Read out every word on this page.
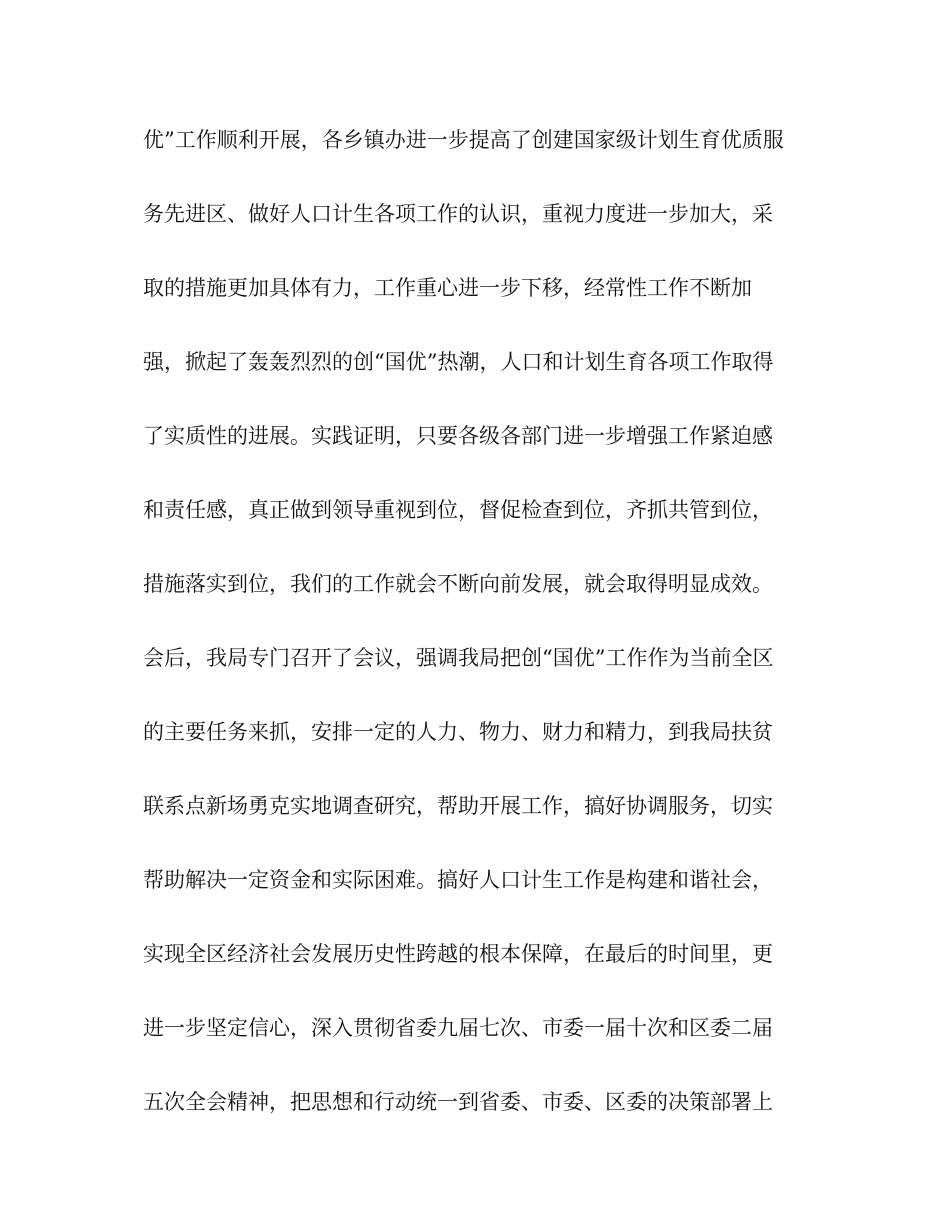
优”工作顺利开展，各乡镇办进一步提高了创建国家级计划生育优质服

务先进区、做好人口计生各项工作的认识，重视力度进一步加大，采

取的措施更加具体有力，工作重心进一步下移，经常性工作不断加

强，掀起了轰轰烈烈的创“国优”热潮，人口和计划生育各项工作取得

了实质性的进展。实践证明，只要各级各部门进一步增强工作紧迫感

和责任感，真正做到领导重视到位，督促检查到位，齐抓共管到位，

措施落实到位，我们的工作就会不断向前发展，就会取得明显成效。

会后，我局专门召开了会议，强调我局把创“国优”工作作为当前全区

的主要任务来抓，安排一定的人力、物力、财力和精力，到我局扶贫

联系点新场勇克实地调查研究，帮助开展工作，搞好协调服务，切实

帮助解决一定资金和实际困难。搞好人口计生工作是构建和谐社会，

实现全区经济社会发展历史性跨越的根本保障，在最后的时间里，更

进一步坚定信心，深入贯彻省委九届七次、市委一届十次和区委二届

五次全会精神，把思想和行动统一到省委、市委、区委的决策部署上
